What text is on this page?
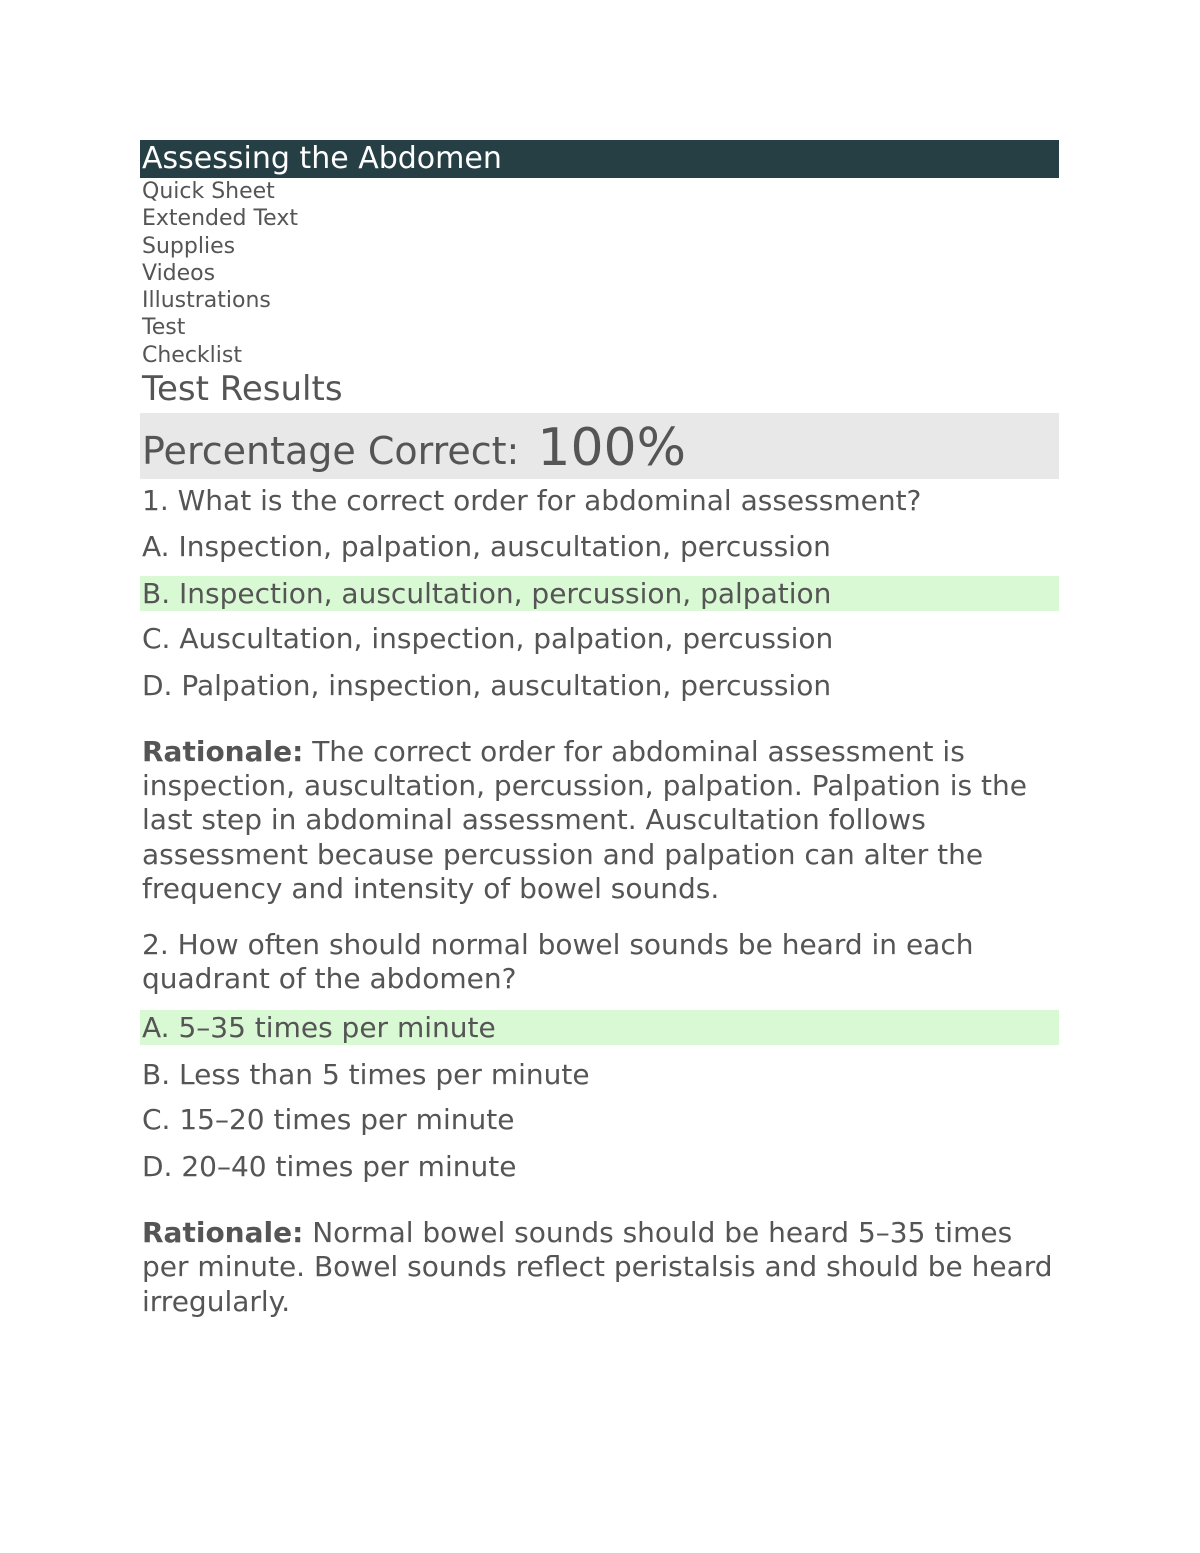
Assessing the Abdomen
Quick Sheet
Extended Text
Supplies
Videos
Illustrations
Test
Checklist
Test Results
Percentage Correct: 100%
1. What is the correct order for abdominal assessment?
A. Inspection, palpation, auscultation, percussion
B. Inspection, auscultation, percussion, palpation
C. Auscultation, inspection, palpation, percussion
D. Palpation, inspection, auscultation, percussion
Rationale: The correct order for abdominal assessment is inspection, auscultation, percussion, palpation. Palpation is the last step in abdominal assessment. Auscultation follows assessment because percussion and palpation can alter the frequency and intensity of bowel sounds.
2. How often should normal bowel sounds be heard in each quadrant of the abdomen?
A. 5–35 times per minute
B. Less than 5 times per minute
C. 15–20 times per minute
D. 20–40 times per minute
Rationale: Normal bowel sounds should be heard 5–35 times per minute. Bowel sounds reflect peristalsis and should be heard irregularly.
